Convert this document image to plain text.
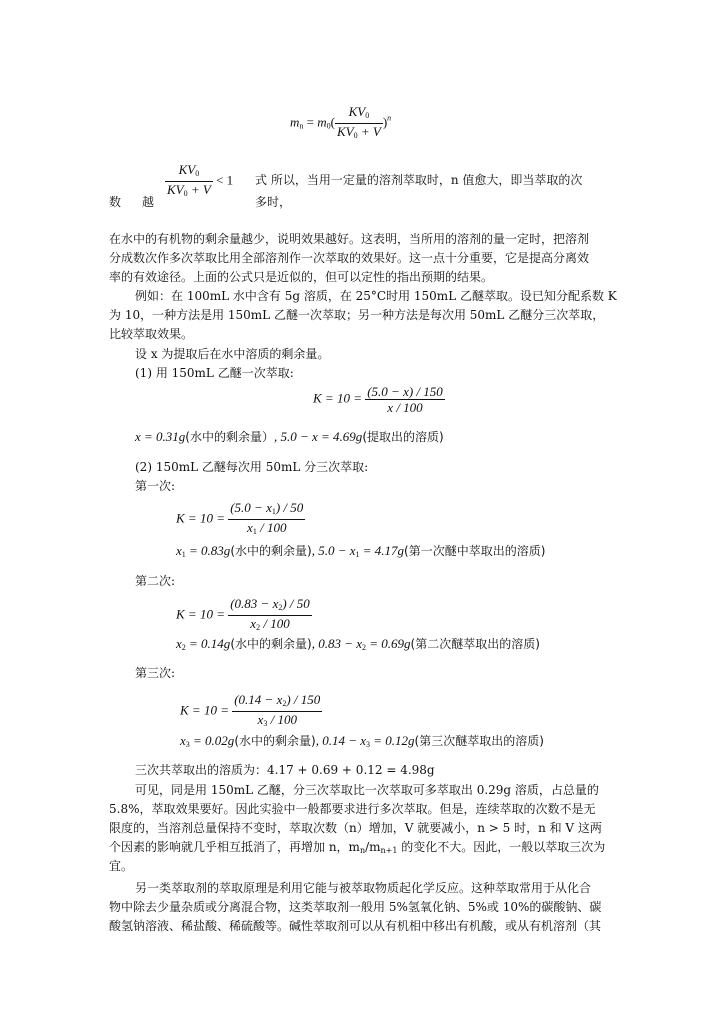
$m_n = m_0( \frac{KV_0}{KV_0 + V} )^n$
$\frac{KV_0}{KV_0 + V} < 1$ 式 所以，当用一定量的溶剂萃取时，n 值愈大，即当萃取的次
数 越	多时，
在水中的有机物的剩余量越少，说明效果越好。这表明，当所用的溶剂的量一定时，把溶剂
分成数次作多次萃取比用全部溶剂作一次萃取的效果好。这一点十分重要，它是提高分离效
率的有效途径。上面的公式只是近似的，但可以定性的指出预期的结果。
例如：在 100mL 水中含有 5g 溶质，在 25°C时用 150mL 乙醚萃取。设已知分配系数 K
为 10，一种方法是用 150mL 乙醚一次萃取；另一种方法是每次用 50mL 乙醚分三次萃取，
比较萃取效果。
设 x 为提取后在水中溶质的剩余量。
(1) 用 150mL 乙醚一次萃取:
$K = 10 = \frac{(5.0 - x) / 150}{x / 100}$
x = 0.31g(水中的剩余量）, 5.0 − x = 4.69g(提取出的溶质)
(2) 150mL 乙醚每次用 50mL 分三次萃取:
第一次:
$K = 10 = \frac{(5.0 - x_1) / 50}{x_1 / 100}$
$x_1 = 0.83g$(水中的剩余量), $5.0 - x_1 = 4.17g$(第一次醚中萃取出的溶质)
第二次:
$K = 10 = \frac{(0.83 - x_2) / 50}{x_2 / 100}$
$x_2 = 0.14g$(水中的剩余量), $0.83 - x_2 = 0.69g$(第二次醚萃取出的溶质)
第三次:
$K = 10 = \frac{(0.14 - x_2) / 150}{x_3 / 100}$
$x_3 = 0.02g$(水中的剩余量), $0.14 - x_3 = 0.12g$(第三次醚萃取出的溶质)
三次共萃取出的溶质为：4.17 + 0.69 + 0.12 = 4.98g
可见，同是用 150mL 乙醚，分三次萃取比一次萃取可多萃取出 0.29g 溶质，占总量的
5.8%，萃取效果要好。因此实验中一般都要求进行多次萃取。但是，连续萃取的次数不是无
限度的，当溶剂总量保持不变时，萃取次数（n）增加，V 就要减小，n > 5 时，n 和 V 这两
个因素的影响就几乎相互抵消了，再增加 n，$m_n/m_{n+1}$ 的变化不大。因此，一般以萃取三次为
宜。
另一类萃取剂的萃取原理是利用它能与被萃取物质起化学反应。这种萃取常用于从化合
物中除去少量杂质或分离混合物，这类萃取剂一般用 5%氢氧化钠、5%或 10%的碳酸钠、碳
酸氢钠溶液、稀盐酸、稀硫酸等。碱性萃取剂可以从有机相中移出有机酸，或从有机溶剂（其
